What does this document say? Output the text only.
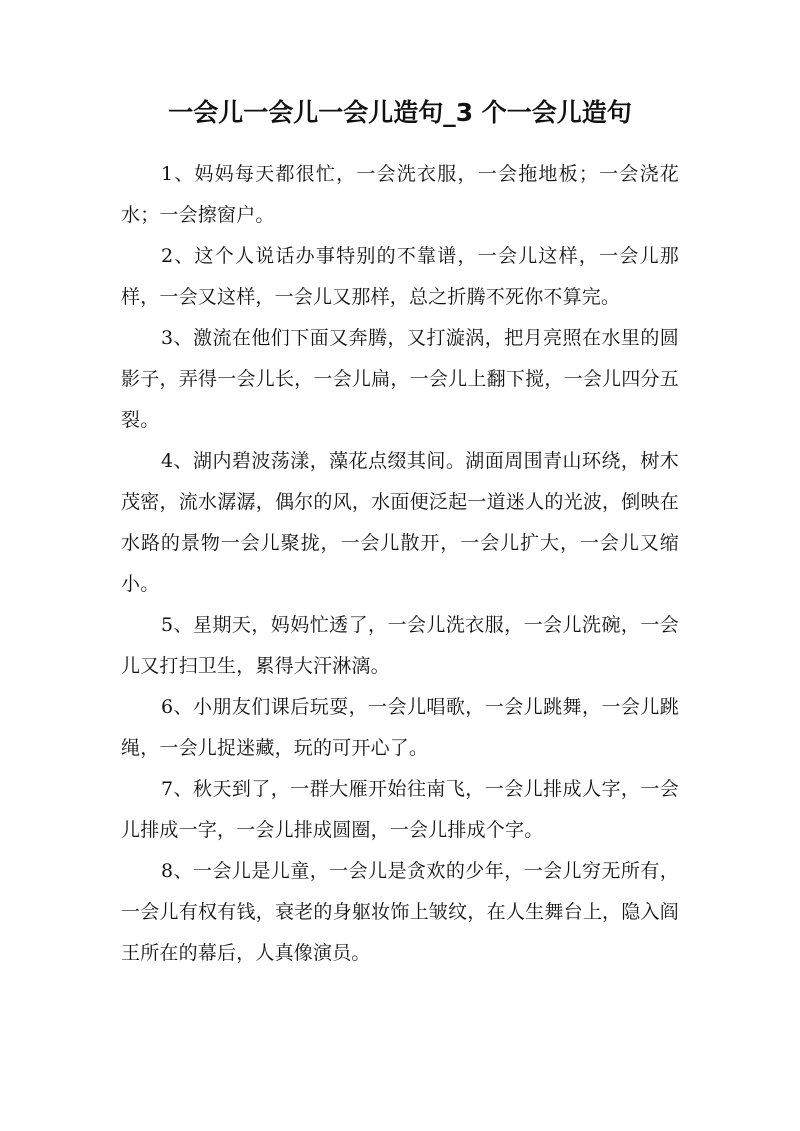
一会儿一会儿一会儿造句_3 个一会儿造句

1、妈妈每天都很忙，一会洗衣服，一会拖地板；一会浇花水；一会擦窗户。

2、这个人说话办事特别的不靠谱，一会儿这样，一会儿那样，一会又这样，一会儿又那样，总之折腾不死你不算完。

3、激流在他们下面又奔腾，又打漩涡，把月亮照在水里的圆影子，弄得一会儿长，一会儿扁，一会儿上翻下搅，一会儿四分五裂。

4、湖内碧波荡漾，藻花点缀其间。湖面周围青山环绕，树木茂密，流水潺潺，偶尔的风，水面便泛起一道迷人的光波，倒映在水路的景物一会儿聚拢，一会儿散开，一会儿扩大，一会儿又缩小。

5、星期天，妈妈忙透了，一会儿洗衣服，一会儿洗碗，一会儿又打扫卫生，累得大汗淋漓。

6、小朋友们课后玩耍，一会儿唱歌，一会儿跳舞，一会儿跳绳，一会儿捉迷藏，玩的可开心了。

7、秋天到了，一群大雁开始往南飞，一会儿排成人字，一会儿排成一字，一会儿排成圆圈，一会儿排成个字。

8、一会儿是儿童，一会儿是贪欢的少年，一会儿穷无所有，一会儿有权有钱，衰老的身躯妆饰上皱纹，在人生舞台上，隐入阎王所在的幕后，人真像演员。
